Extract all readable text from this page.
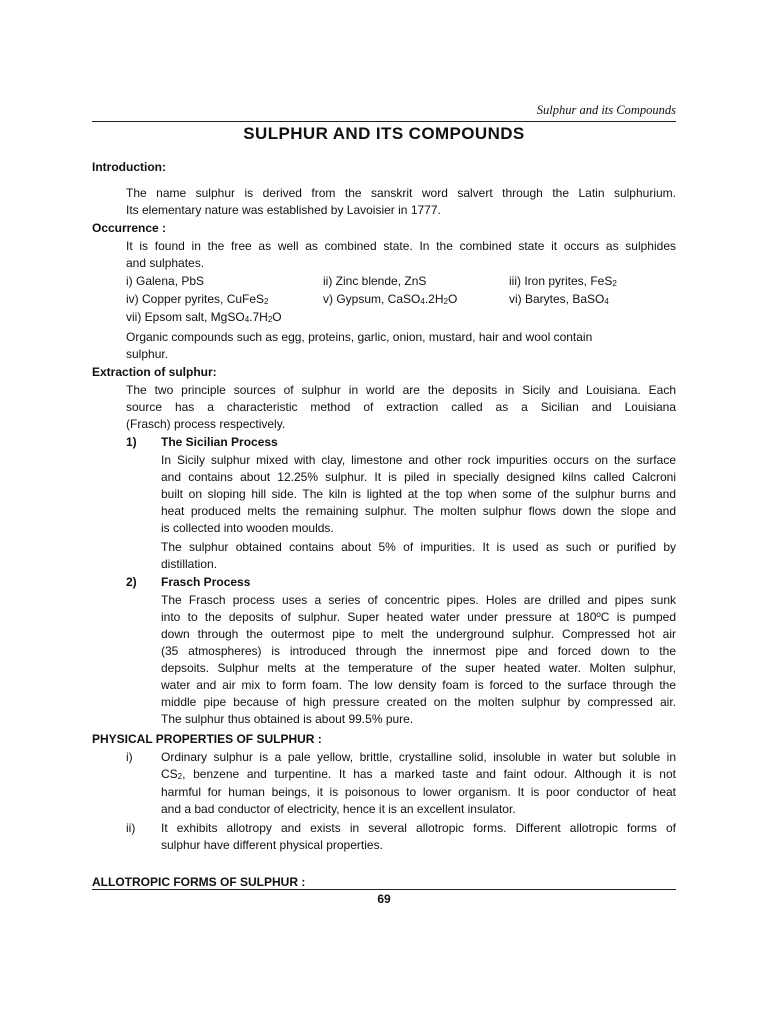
Sulphur and its Compounds
SULPHUR AND ITS COMPOUNDS
Introduction:
The name sulphur is derived from the sanskrit word salvert through the Latin sulphurium.
Its elementary nature was established by Lavoisier in 1777.
Occurrence :
It is found in the free as well as combined state. In the combined state it occurs as sulphides
and sulphates.
i) Galena, PbS	ii) Zinc blende, ZnS	iii) Iron pyrites, FeS$_2$
iv) Copper pyrites, CuFeS$_2$	v) Gypsum, $CaSO_4.2H_2O$	vi) Barytes, BaSO$_4$
vii) Epsom salt, $MgSO_4.7H_2O$
Organic compounds such as egg, proteins, garlic, onion, mustard, hair and wool contain
sulphur.
Extraction of sulphur:
The two principle sources of sulphur in world are the deposits in Sicily and Louisiana. Each
source has a characteristic method of extraction called as a Sicilian and Louisiana
(Frasch) process respectively.
1) The Sicilian Process
In Sicily sulphur mixed with clay, limestone and other rock impurities occurs on the surface
and contains about 12.25% sulphur. It is piled in specially designed kilns called Calcroni
built on sloping hill side. The kiln is lighted at the top when some of the sulphur burns and
heat produced melts the remaining sulphur. The molten sulphur flows down the slope and
is collected into wooden moulds.
The sulphur obtained contains about 5% of impurities. It is used as such or purified by
distillation.
2) Frasch Process
The Frasch process uses a series of concentric pipes. Holes are drilled and pipes sunk
into to the deposits of sulphur. Super heated water under pressure at 180ºC is pumped
down through the outermost pipe to melt the underground sulphur. Compressed hot air
(35 atmospheres) is introduced through the innermost pipe and forced down to the
depsoits. Sulphur melts at the temperature of the super heated water. Molten sulphur,
water and air mix to form foam. The low density foam is forced to the surface through the
middle pipe because of high pressure created on the molten sulphur by compressed air.
The sulphur thus obtained is about 99.5% pure.
PHYSICAL PROPERTIES OF SULPHUR :
i) Ordinary sulphur is a pale yellow, brittle, crystalline solid, insoluble in water but soluble in
$CS_2$, benzene and turpentine. It has a marked taste and faint odour. Although it is not
harmful for human beings, it is poisonous to lower organism. It is poor conductor of heat
and a bad conductor of electricity, hence it is an excellent insulator.
ii) It exhibits allotropy and exists in several allotropic forms. Different allotropic forms of
sulphur have different physical properties.
ALLOTROPIC FORMS OF SULPHUR :
69
